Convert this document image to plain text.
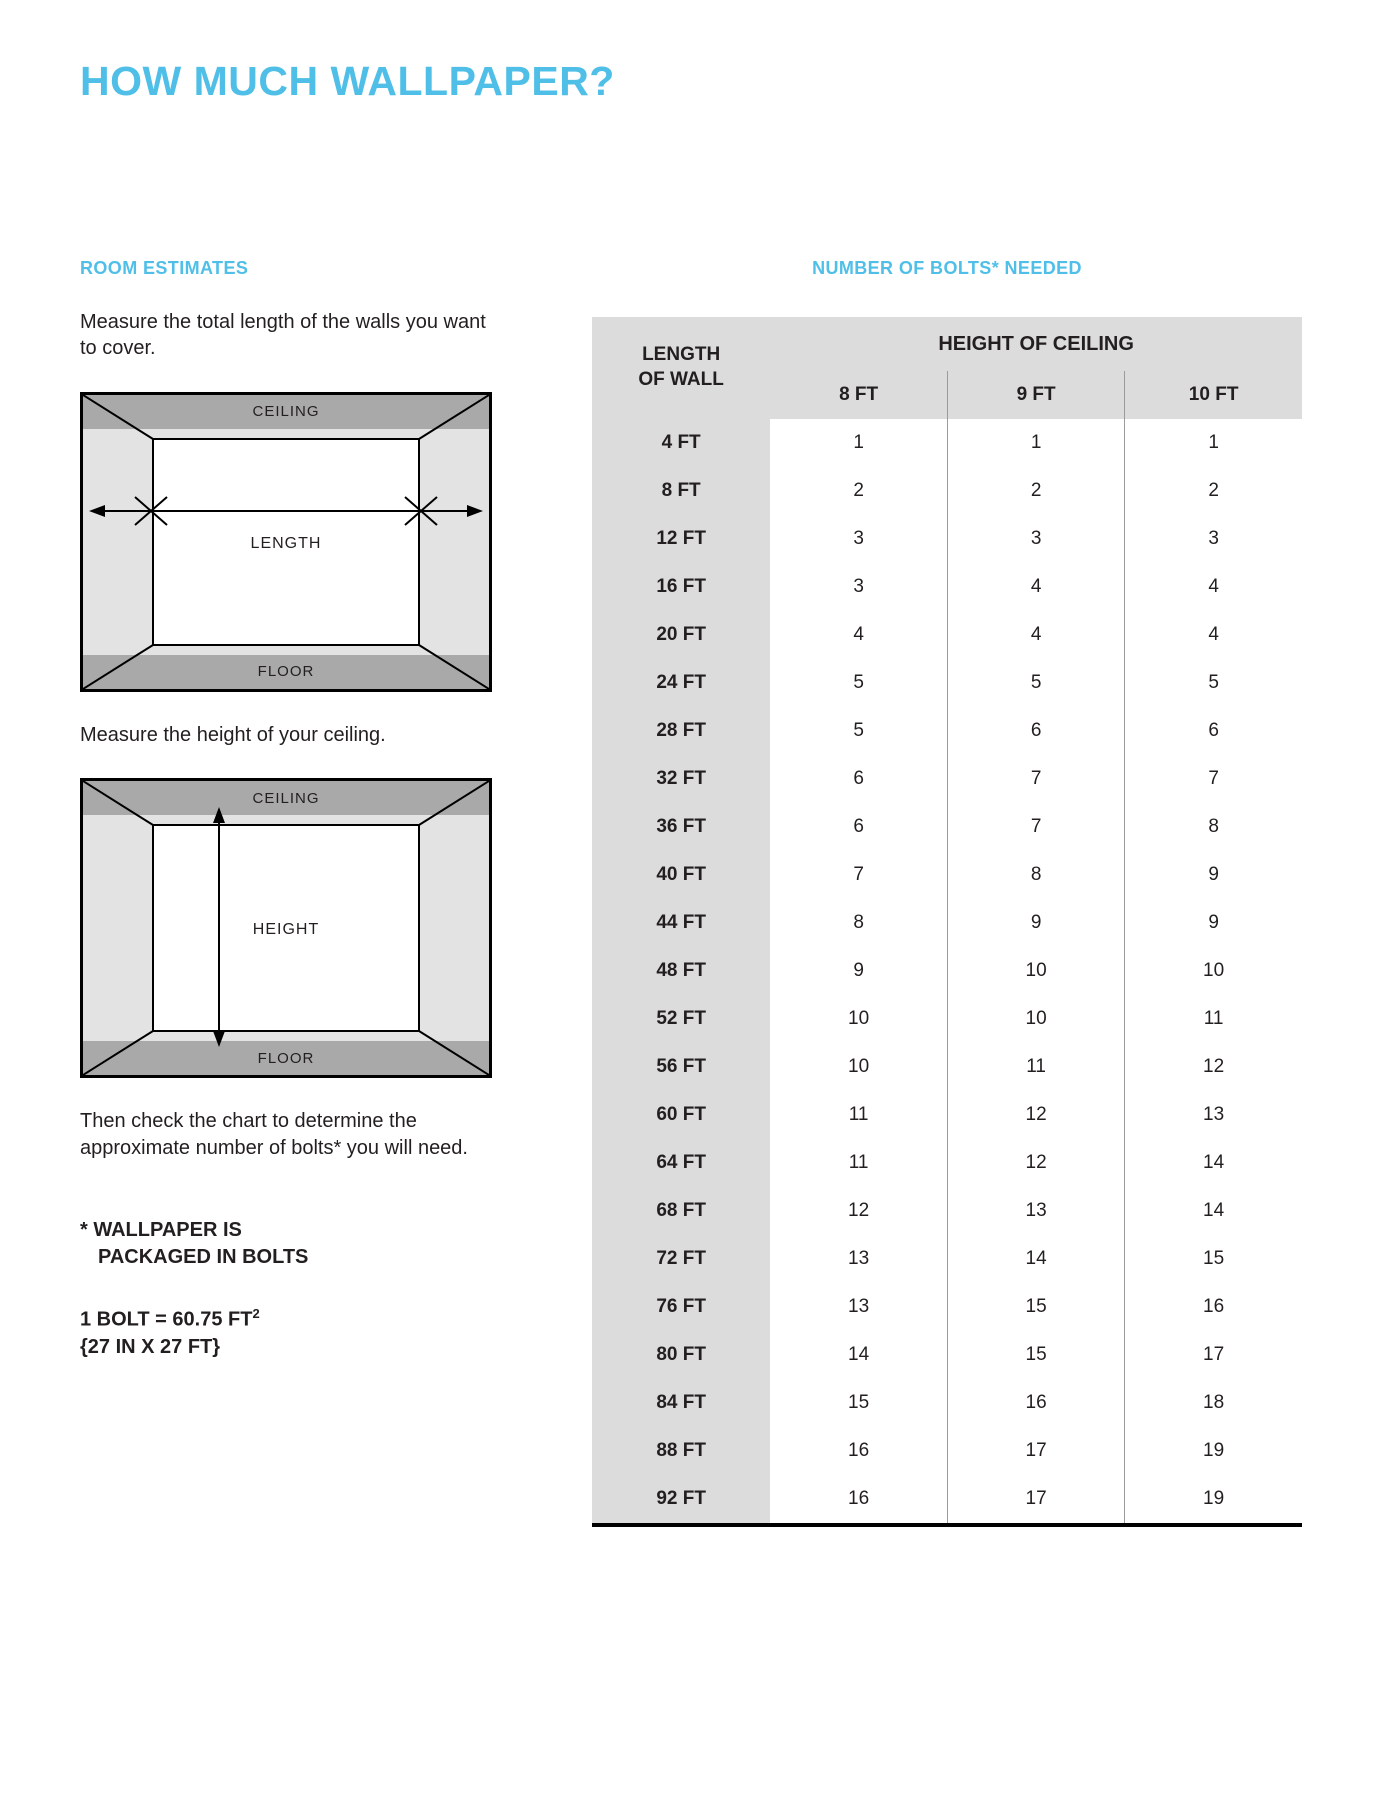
HOW MUCH WALLPAPER?
ROOM ESTIMATES
Measure the total length of the walls you want to cover.
CEILING
FLOOR
LENGTH
Measure the height of your ceiling.
CEILING
FLOOR
HEIGHT
Then check the chart to determine the approximate number of bolts* you will need.
* WALLPAPER IS
PACKAGED IN BOLTS
1 BOLT = 60.75 $FT^2$
{27 IN X 27 FT}
NUMBER OF BOLTS* NEEDED
LENGTH
OF WALL	HEIGHT OF CEILING		
	8 FT	9 FT	10 FT
4 FT	1	1	1
8 FT	2	2	2
12 FT	3	3	3
16 FT	3	4	4
20 FT	4	4	4
24 FT	5	5	5
28 FT	5	6	6
32 FT	6	7	7
36 FT	6	7	8
40 FT	7	8	9
44 FT	8	9	9
48 FT	9	10	10
52 FT	10	10	11
56 FT	10	11	12
60 FT	11	12	13
64 FT	11	12	14
68 FT	12	13	14
72 FT	13	14	15
76 FT	13	15	16
80 FT	14	15	17
84 FT	15	16	18
88 FT	16	17	19
92 FT	16	17	19
